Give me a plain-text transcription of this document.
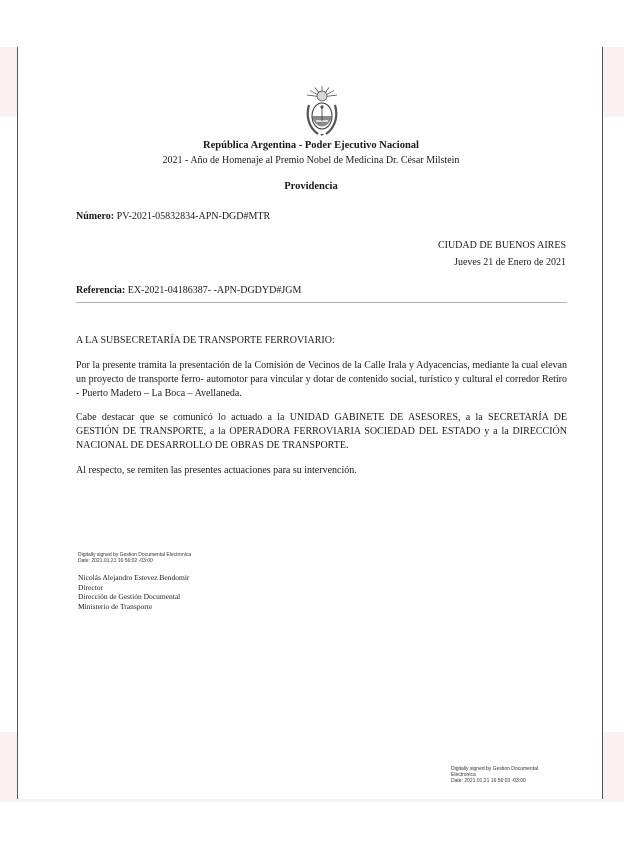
República Argentina - Poder Ejecutivo Nacional
2021 - Año de Homenaje al Premio Nobel de Medicina Dr. César Milstein
Providencia
Número: PV-2021-05832834-APN-DGD#MTR
CIUDAD DE BUENOS AIRES
Jueves 21 de Enero de 2021
Referencia: EX-2021-04186387- -APN-DGDYD#JGM
A LA SUBSECRETARÍA DE TRANSPORTE FERROVIARIO:

Por la presente tramita la presentación de la Comisión de Vecinos de la Calle Irala y Adyacencias, mediante la cual elevan un proyecto de transporte ferro- automotor para vincular y dotar de contenido social, turístico y cultural el corredor Retiro - Puerto Madero – La Boca – Avellaneda.

Cabe destacar que se comunicó lo actuado a la UNIDAD GABINETE DE ASESORES, a la SECRETARÍA DE GESTIÓN DE TRANSPORTE, a la OPERADORA FERROVIARIA SOCIEDAD DEL ESTADO y a la DIRECCIÓN NACIONAL DE DESARROLLO DE OBRAS DE TRANSPORTE.

Al respecto, se remiten las presentes actuaciones para su intervención.

Digitally signed by Gestion Documental Electronica
Date: 2021.01.21 16:56:02 -03:00
Nicolás Alejandro Estevez Bendomir
Director
Dirección de Gestión Documental
Ministerio de Transporte
Digitally signed by Gestion Documental
Electronica
Date: 2021.01.21 16:56:03 -03:00
